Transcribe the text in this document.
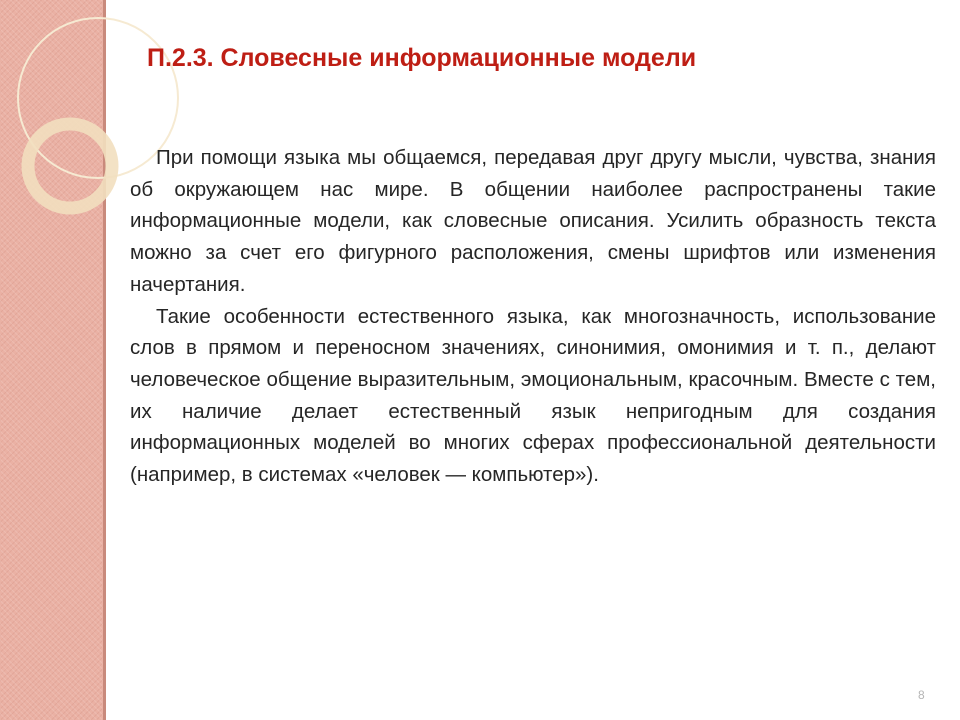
П.2.3. Словесные информационные модели

При помощи языка мы общаемся, передавая друг другу мысли, чувства, знания об окружающем нас мире. В общении наиболее распространены такие информационные модели, как словесные описания. Усилить образность текста можно за счет его фигурного расположения, смены шрифтов или изменения начертания.

Такие особенности естественного языка, как многозначность, использование слов в прямом и переносном значениях, синонимия, омонимия и т. п., делают человеческое общение выразительным, эмоциональным, красочным. Вместе с тем, их наличие делает естественный язык непригодным для создания информационных моделей во многих сферах профессиональной деятельности (например, в системах «человек — компьютер»).

8
